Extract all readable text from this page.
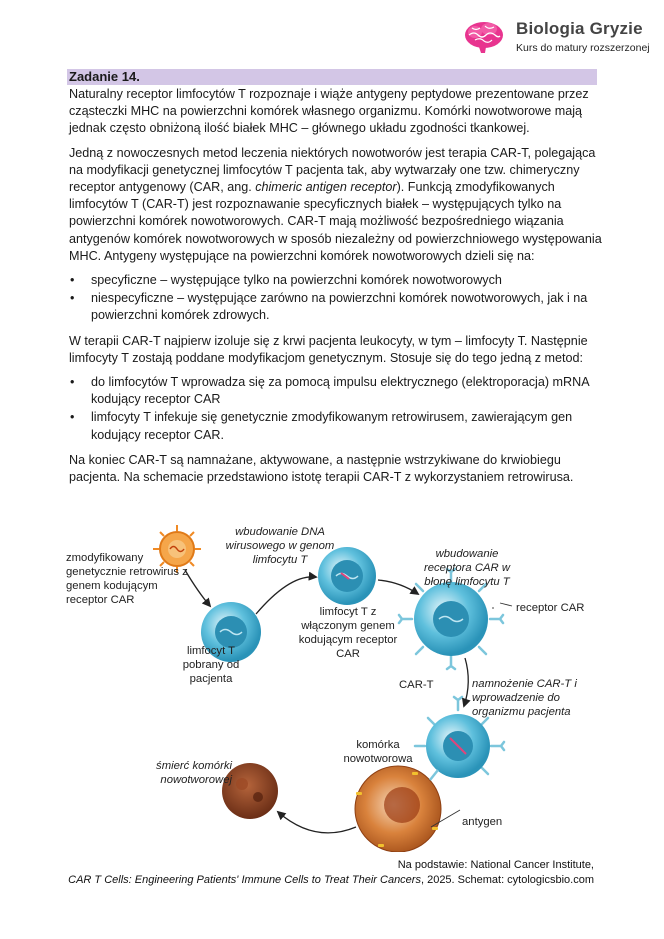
Biologia Gryzie
Kurs do matury rozszerzonej
Zadanie 14.

Naturalny receptor limfocytów T rozpoznaje i wiąże antygeny peptydowe prezentowane przez cząsteczki MHC na powierzchni komórek własnego organizmu. Komórki nowotworowe mają jednak często obniżoną ilość białek MHC – głównego układu zgodności tkankowej.

Jedną z nowoczesnych metod leczenia niektórych nowotworów jest terapia CAR-T, polegająca na modyfikacji genetycznej limfocytów T pacjenta tak, aby wytwarzały one tzw. chimeryczny receptor antygenowy (CAR, ang. chimeric antigen receptor). Funkcją zmodyfikowanych limfocytów T (CAR-T) jest rozpoznawanie specyficznych białek – występujących tylko na powierzchni komórek nowotworowych. CAR-T mają możliwość bezpośredniego wiązania antygenów komórek nowotworowych w sposób niezależny od powierzchniowego występowania MHC. Antygeny występujące na powierzchni komórek nowotworowych dzieli się na:

• specyficzne – występujące tylko na powierzchni komórek nowotworowych
• niespecyficzne – występujące zarówno na powierzchni komórek nowotworowych, jak i na powierzchni komórek zdrowych.

W terapii CAR-T najpierw izoluje się z krwi pacjenta leukocyty, w tym – limfocyty T. Następnie limfocyty T zostają poddane modyfikacjom genetycznym. Stosuje się do tego jedną z metod:

• do limfocytów T wprowadza się za pomocą impulsu elektrycznego (elektroporacja) mRNA kodujący receptor CAR
• limfocyty T infekuje się genetycznie zmodyfikowanym retrowirusem, zawierającym gen kodujący receptor CAR.

Na koniec CAR-T są namnażane, aktywowane, a następnie wstrzykiwane do krwiobiegu pacjenta. Na schemacie przedstawiono istotę terapii CAR-T z wykorzystaniem retrowirusa.

zmodyfikowany genetycznie retrowirus z genem kodującym receptor CAR
wbudowanie DNA wirusowego w genom limfocytu T	wbudowanie receptora CAR w błonę limfocytu T
receptor CAR
limfocyt T pobrany od pacjenta
limfocyt T z włączonym genem kodującym receptor CAR
CAR-T	namnożenie CAR-T i wprowadzenie do organizmu pacjenta
komórka nowotworowa
śmierć komórki nowotworowej
antygen
Na podstawie: National Cancer Institute,
CAR T Cells: Engineering Patients' Immune Cells to Treat Their Cancers, 2025. Schemat: cytologicsbio.com
